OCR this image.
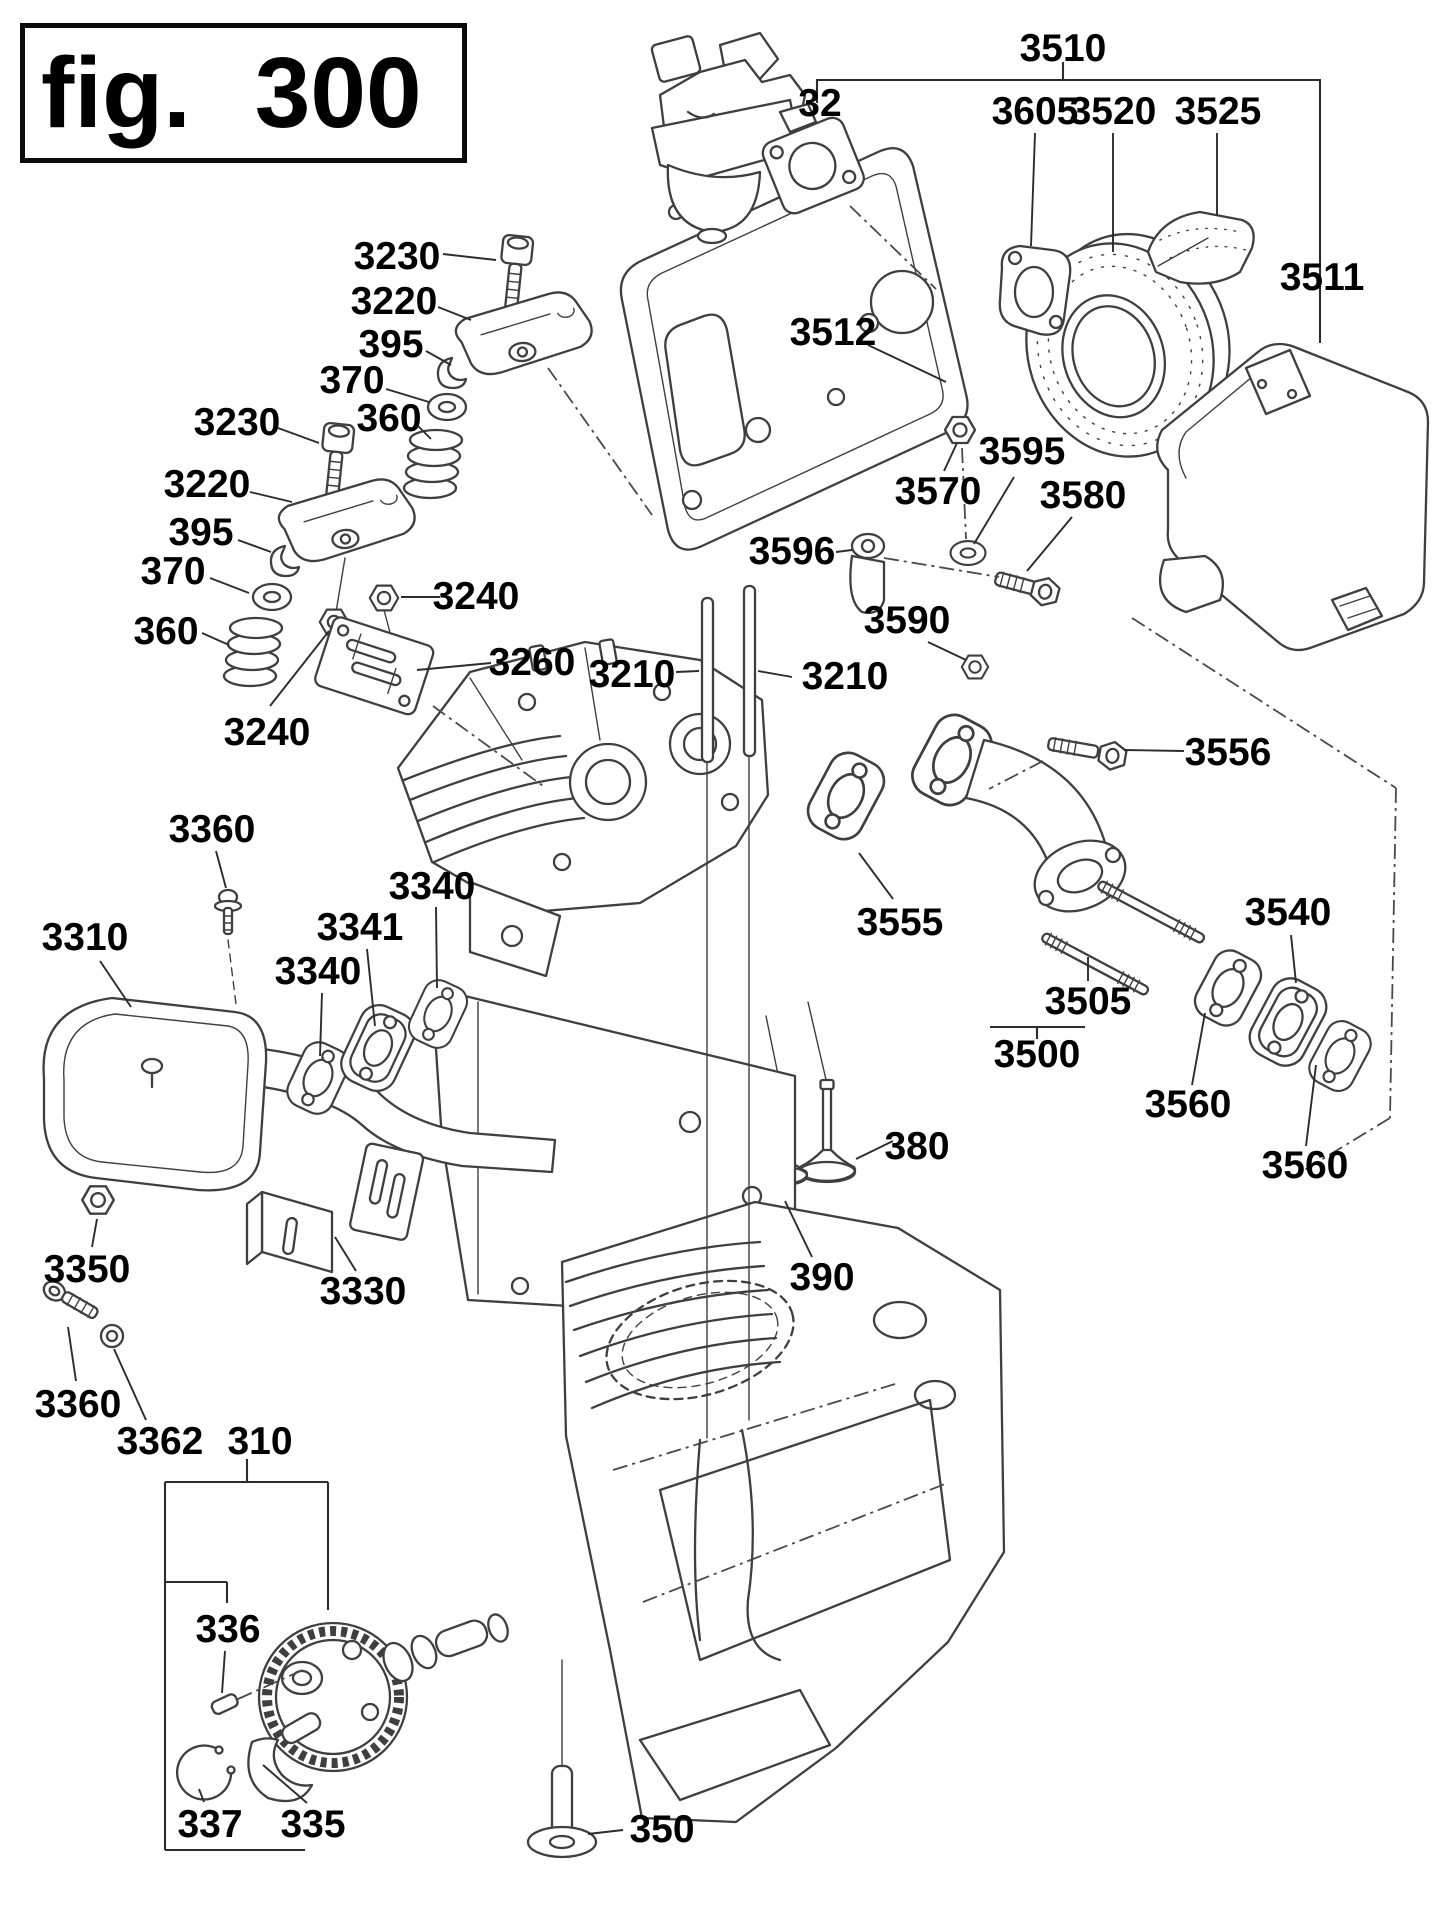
fig. 300	32
3510
3605
3520 3525
3511
3512
3230
3220
395
370
360
3230
3220
395
370
360
3240
3260
3240
3210	3210
3590
3570
3595
3580
3596
3556
3540
3555
3505
3500
3560
3560
380
390
3360
3310
3340
3341
3340
3350
3330
3360
3362 310
336
337 335	350
